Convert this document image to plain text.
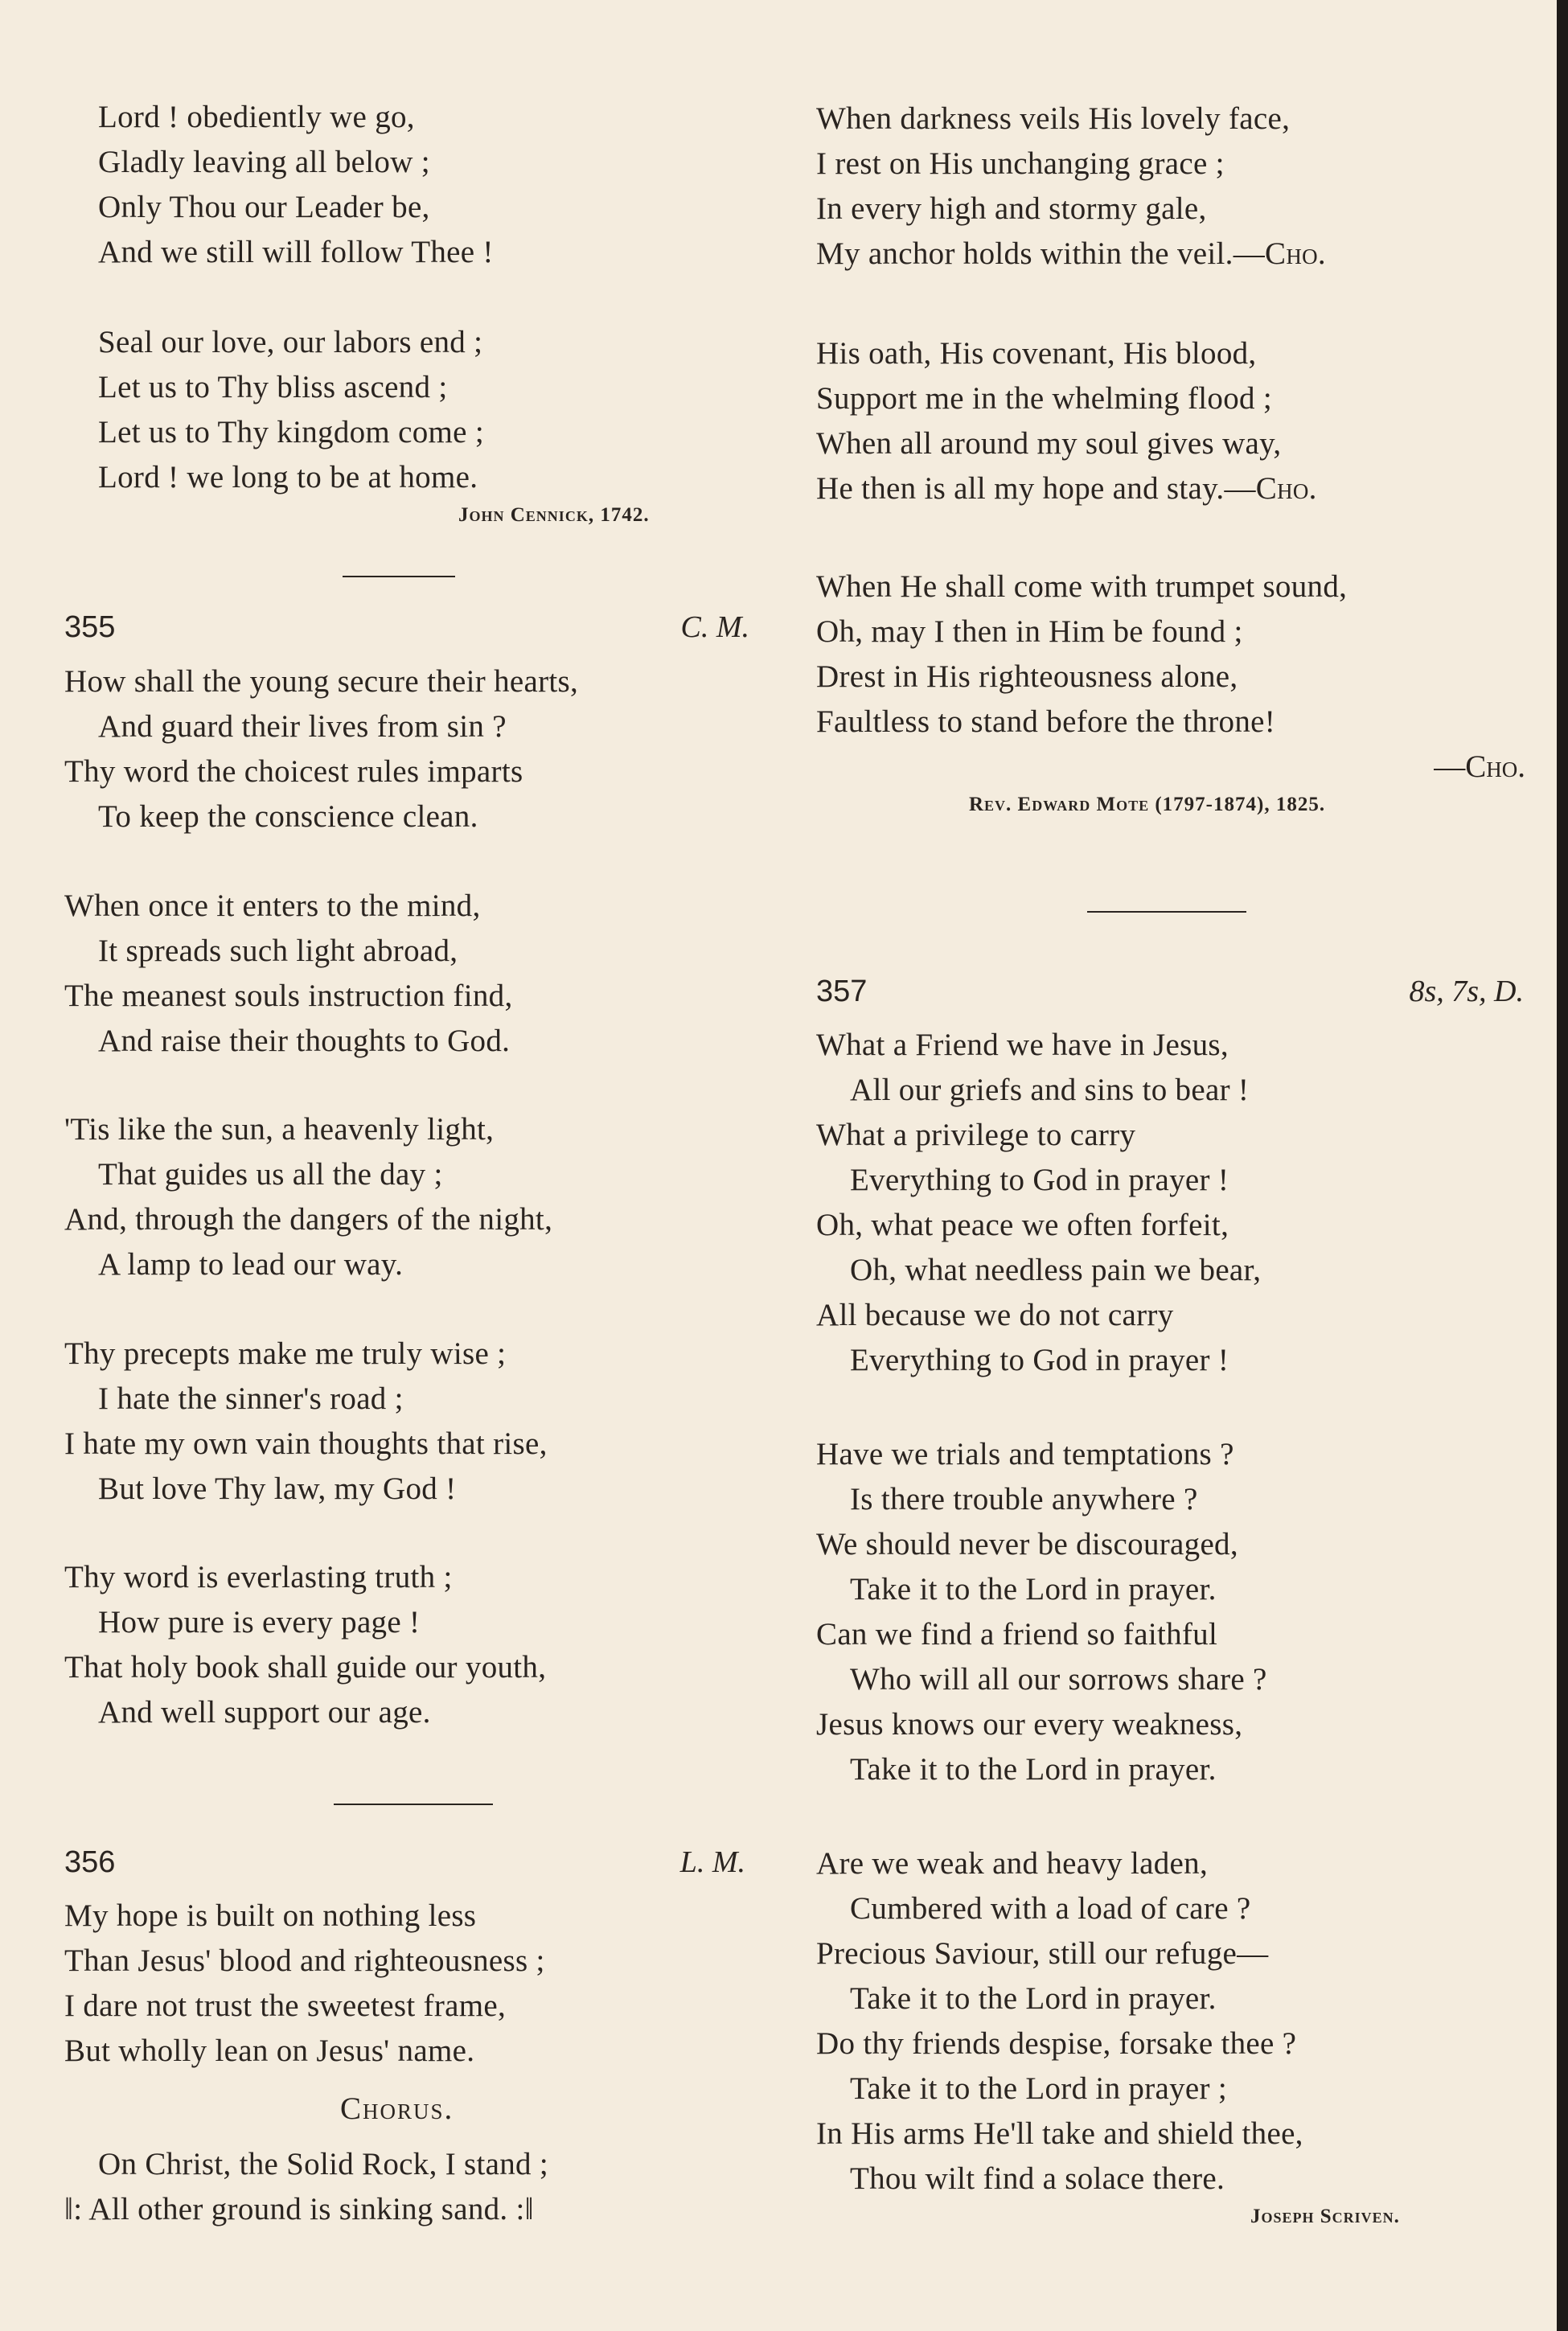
Lord ! obediently we go,
Gladly leaving all below ;
Only Thou our Leader be,
And we still will follow Thee !
Seal our love, our labors end ;
Let us to Thy bliss ascend ;
Let us to Thy kingdom come ;
Lord ! we long to be at home.
John Cennick, 1742.
355	C. M.
How shall the young secure their hearts,
And guard their lives from sin ?
Thy word the choicest rules imparts
To keep the conscience clean.
When once it enters to the mind,
It spreads such light abroad,
The meanest souls instruction find,
And raise their thoughts to God.
'Tis like the sun, a heavenly light,
That guides us all the day ;
And, through the dangers of the night,
A lamp to lead our way.
Thy precepts make me truly wise ;
I hate the sinner's road ;
I hate my own vain thoughts that rise,
But love Thy law, my God !
Thy word is everlasting truth ;
How pure is every page !
That holy book shall guide our youth,
And well support our age.
356	L. M.
My hope is built on nothing less
Than Jesus' blood and righteousness ;
I dare not trust the sweetest frame,
But wholly lean on Jesus' name.
Chorus.
On Christ, the Solid Rock, I stand ;
‖: All other ground is sinking sand. :‖
When darkness veils His lovely face,
I rest on His unchanging grace ;
In every high and stormy gale,
My anchor holds within the veil.—Cho.
His oath, His covenant, His blood,
Support me in the whelming flood ;
When all around my soul gives way,
He then is all my hope and stay.—Cho.
When He shall come with trumpet sound,
Oh, may I then in Him be found ;
Drest in His righteousness alone,
Faultless to stand before the throne!
—Cho.
Rev. Edward Mote (1797-1874), 1825.
357	8s, 7s, D.
What a Friend we have in Jesus,
All our griefs and sins to bear !
What a privilege to carry
Everything to God in prayer !
Oh, what peace we often forfeit,
Oh, what needless pain we bear,
All because we do not carry
Everything to God in prayer !
Have we trials and temptations ?
Is there trouble anywhere ?
We should never be discouraged,
Take it to the Lord in prayer.
Can we find a friend so faithful
Who will all our sorrows share ?
Jesus knows our every weakness,
Take it to the Lord in prayer.
Are we weak and heavy laden,
Cumbered with a load of care ?
Precious Saviour, still our refuge—
Take it to the Lord in prayer.
Do thy friends despise, forsake thee ?
Take it to the Lord in prayer ;
In His arms He'll take and shield thee,
Thou wilt find a solace there.
Joseph Scriven.
